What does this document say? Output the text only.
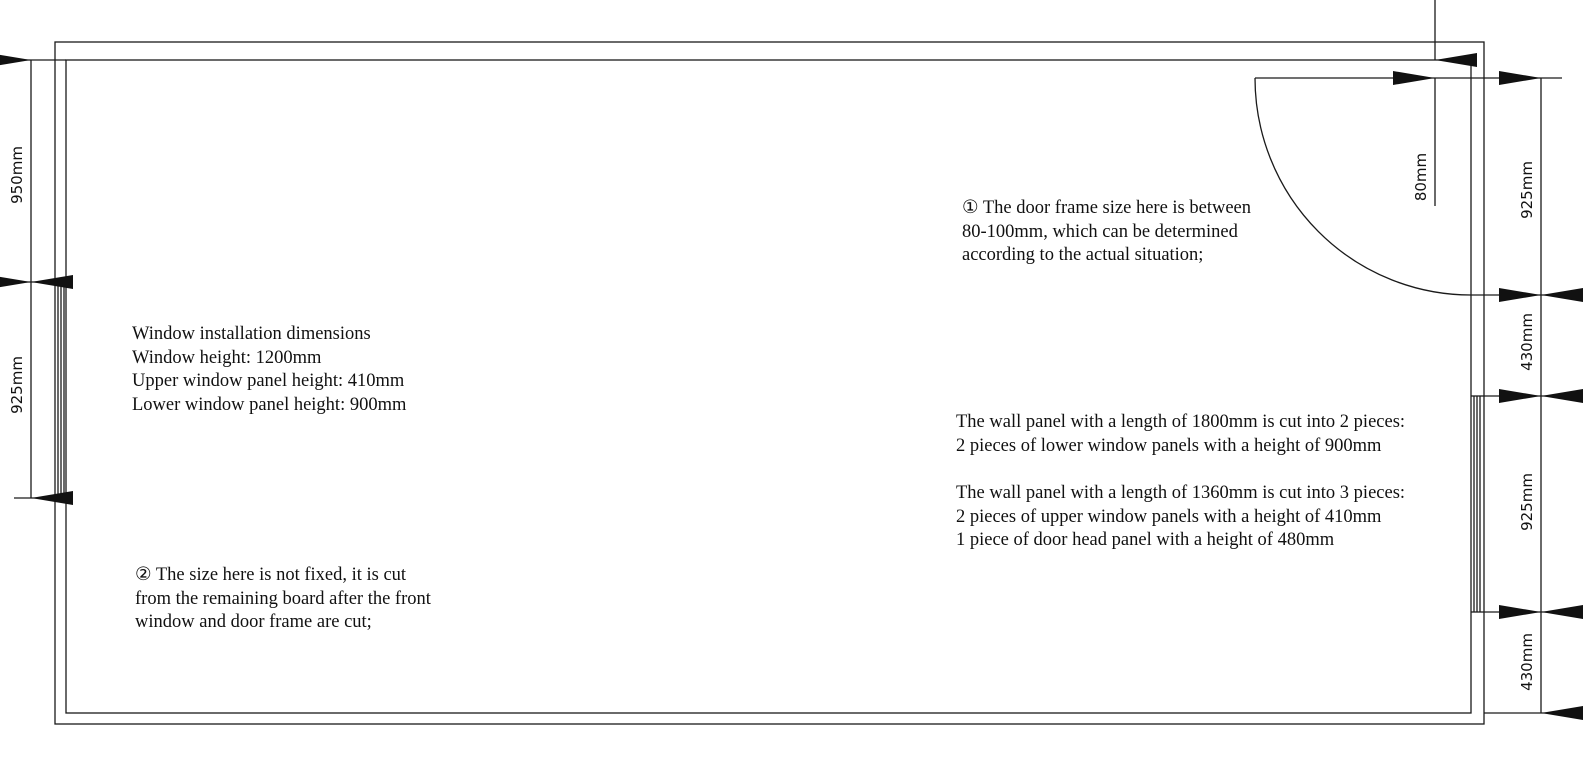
950mm
925mm
80mm	925mm
430mm
925mm
430mm
① The door frame size here is between
80-100mm, which can be determined
according to the actual situation;
Window installation dimensions
Window height: 1200mm
Upper window panel height: 410mm
Lower window panel height: 900mm
② The size here is not fixed, it is cut
from the remaining board after the front
window and door frame are cut;
The wall panel with a length of 1800mm is cut into 2 pieces:
2 pieces of lower window panels with a height of 900mm
The wall panel with a length of 1360mm is cut into 3 pieces:
2 pieces of upper window panels with a height of 410mm
1 piece of door head panel with a height of 480mm
